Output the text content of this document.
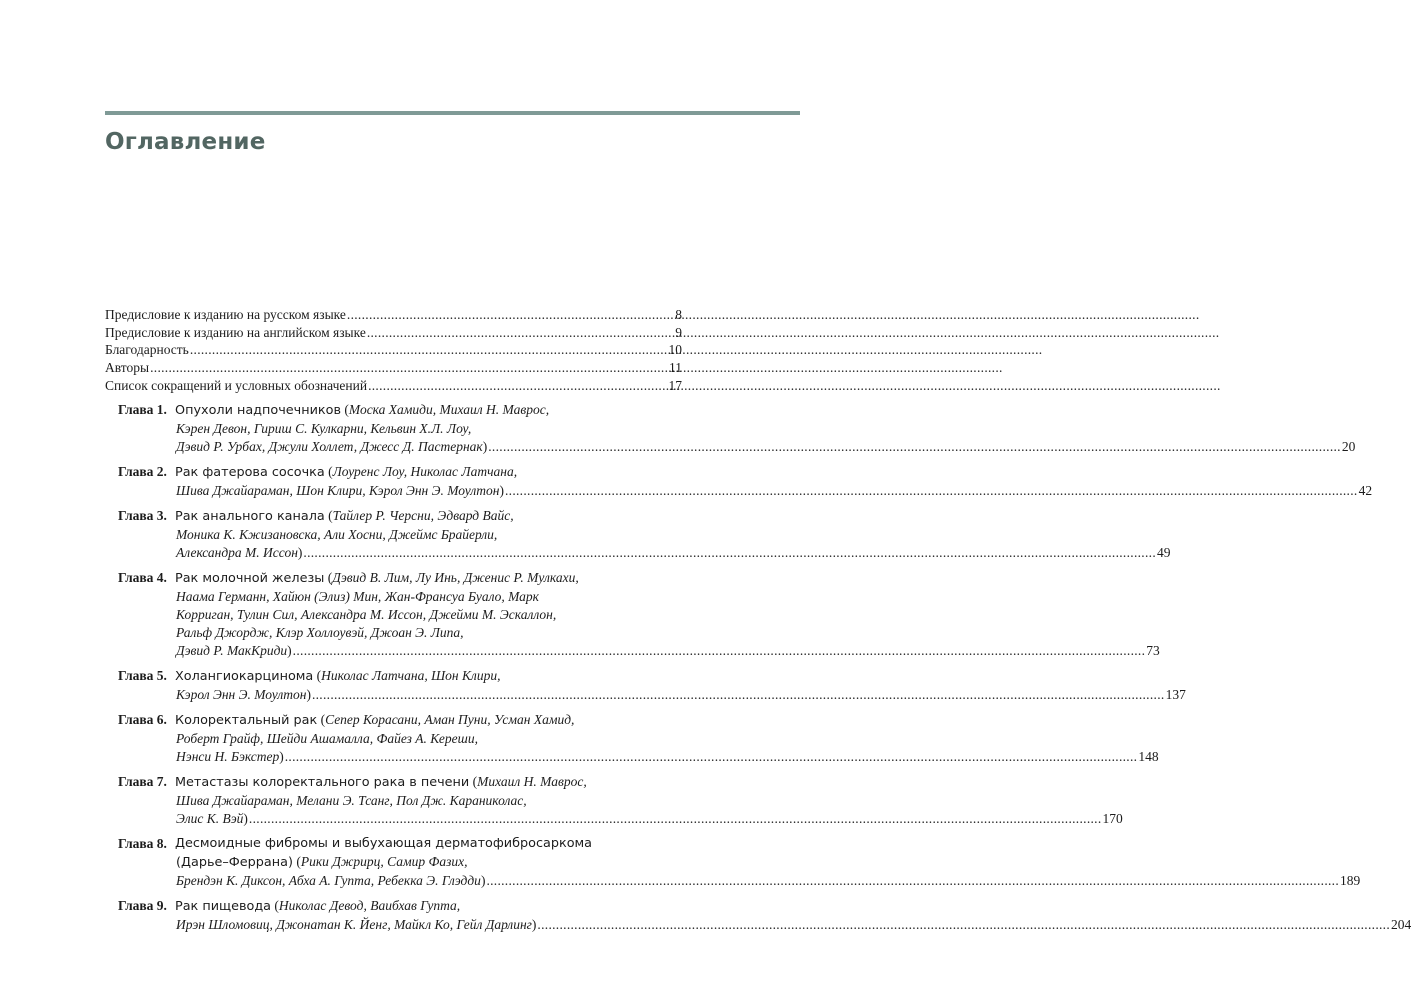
Оглавление
Предисловие к изданию на русском языке .....	8
Предисловие к изданию на английском языке .....	9
Благодарность .....	10
Авторы .....	11
Список сокращений и условных обозначений .....	17
Глава 1. Опухоли надпочечников (Моска Хамиди, Михаил Н. Маврос,
Кэрен Девон, Гириш С. Кулкарни, Кельвин Х.Л. Лоу,
Дэвид Р. Урбах, Джули Холлет, Джесс Д. Пастернак) .....	20
Глава 2. Рак фатерова сосочка (Лоуренс Лоу, Николас Латчана,
Шива Джайараман, Шон Клири, Кэрол Энн Э. Моултон) .....	42
Глава 3. Рак анального канала (Тайлер Р. Черсни, Эдвард Вайс,
Моника К. Кжизановска, Али Хосни, Джеймс Брайерли,
Александра М. Иссон) .....	49
Глава 4. Рак молочной железы (Дэвид В. Лим, Лу Инь, Дженис Р. Мулкахи,
Наама Германн, Хайюн (Элиз) Мин, Жан-Франсуа Буало, Марк
Корриган, Тулин Сил, Александра М. Иссон, Джейми М. Эскаллон,
Ральф Джордж, Клэр Холлоувэй, Джоан Э. Липа,
Дэвид Р. МакКриди) .....	73
Глава 5. Холангиокарцинома (Николас Латчана, Шон Клири,
Кэрол Энн Э. Моултон) .....	137
Глава 6. Колоректальный рак (Сепер Корасани, Аман Пуни, Усман Хамид,
Роберт Грайф, Шейди Ашамалла, Файез А. Кереши,
Нэнси Н. Бэкстер) .....	148
Глава 7. Метастазы колоректального рака в печени (Михаил Н. Маврос,
Шива Джайараман, Мелани Э. Тсанг, Пол Дж. Караниколас,
Элис К. Вэй) .....	170
Глава 8. Десмоидные фибромы и выбухающая дерматофибросаркома
(Дарье–Феррана) (Рики Джрирц, Самир Фазих,
Брендэн К. Диксон, Абха А. Гупта, Ребекка Э. Глэдди) .....	189
Глава 9. Рак пищевода (Николас Девод, Ваибхав Гупта,
Ирэн Шломовиц, Джонатан К. Йенг, Майкл Ко, Гейл Дарлинг) .....	204
